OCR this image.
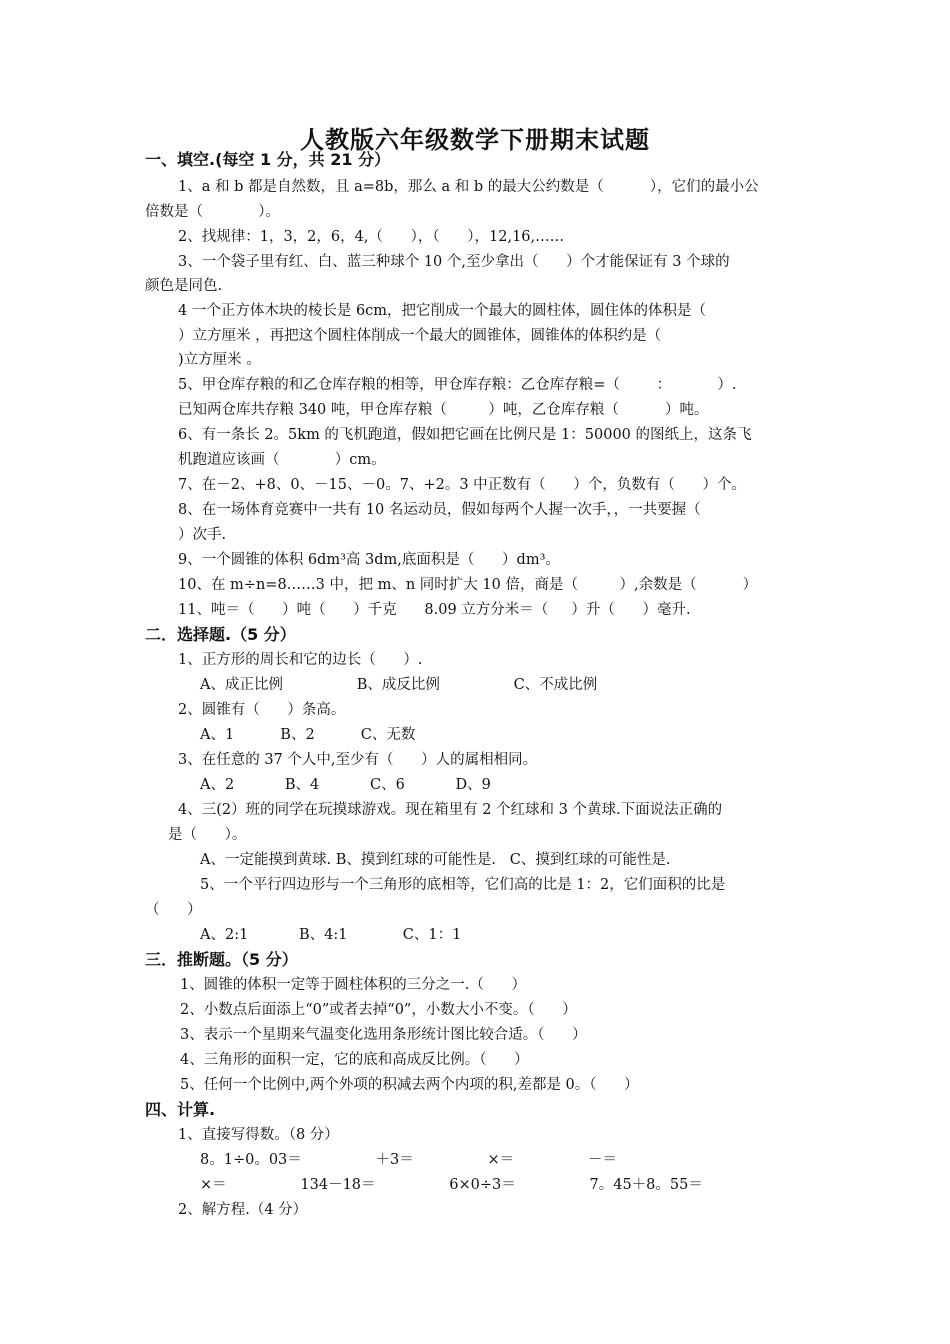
人教版六年级数学下册期末试题
一、填空.(每空 1 分，共 21 分）
1、a 和 b 都是自然数，且 a=8b，那么 a 和 b 的最大公约数是（          ），它们的最小公
倍数是（            ）。
2、找规律：1，3，2，6，4,（      ），（      ），12,16,……
3、一个袋子里有红、白、蓝三种球个 10 个,至少拿出（      ）个才能保证有 3 个球的
颜色是同色.
4 一个正方体木块的棱长是 6cm，把它削成一个最大的圆柱体，圆住体的体积是（
）立方厘米 ，再把这个圆柱体削成一个最大的圆锥体，圆锥体的体积约是（
)立方厘米 。
5、甲仓库存粮的和乙仓库存粮的相等，甲仓库存粮：乙仓库存粮=（        ：          ）.
已知两仓库共存粮 340 吨，甲仓库存粮（         ）吨，乙仓库存粮（          ）吨。
6、有一条长 2。5km 的飞机跑道，假如把它画在比例尺是 1：50000 的图纸上，这条飞
机跑道应该画（            ）cm。
7、在－2、+8、0、－15、－0。7、+2。3 中正数有（      ）个，负数有（      ）个。
8、在一场体育竞赛中一共有 10 名运动员，假如每两个人握一次手，，一共要握（
）次手.
9、一个圆锥的体积 6dm³高 3dm,底面积是（      ）dm³。
10、在 m÷n=8……3 中，把 m、n 同时扩大 10 倍，商是（         ）,余数是（          ）
11、吨＝（      ）吨（      ）千克      8.09 立方分米＝（     ）升（      ）毫升.
二．选择题.（5 分）
1、正方形的周长和它的边长（      ）.
A、成正比例                B、成反比例                C、不成比例
2、圆锥有（      ）条高。
A、1          B、2          C、无数
3、在任意的 37 个人中,至少有（      ）人的属相相同。
A、2           B、4           C、6           D、9
4、三(2）班的同学在玩摸球游戏。现在箱里有 2 个红球和 3 个黄球.下面说法正确的
是（      ）。
A、一定能摸到黄球. B、摸到红球的可能性是.   C、摸到红球的可能性是.
5、一个平行四边形与一个三角形的底相等，它们高的比是 1：2，它们面积的比是
（      ）
A、2:1           B、4:1            C、1：1
三．推断题。（5 分）
1、圆锥的体积一定等于圆柱体积的三分之一.（      ）
2、小数点后面添上“0”或者去掉“0”，小数大小不变。（      ）
3、表示一个星期来气温变化选用条形统计图比较合适。（      ）
4、三角形的面积一定，它的底和高成反比例。（      ）
5、任何一个比例中,两个外项的积减去两个内项的积,差都是 0。（      ）
四、计算.
1、直接写得数。（8 分）
8。1÷0。03＝                ＋3＝                ×＝                －＝
×＝                134－18＝                6×0÷3＝                7。45＋8。55＝
2、解方程.（4 分）
